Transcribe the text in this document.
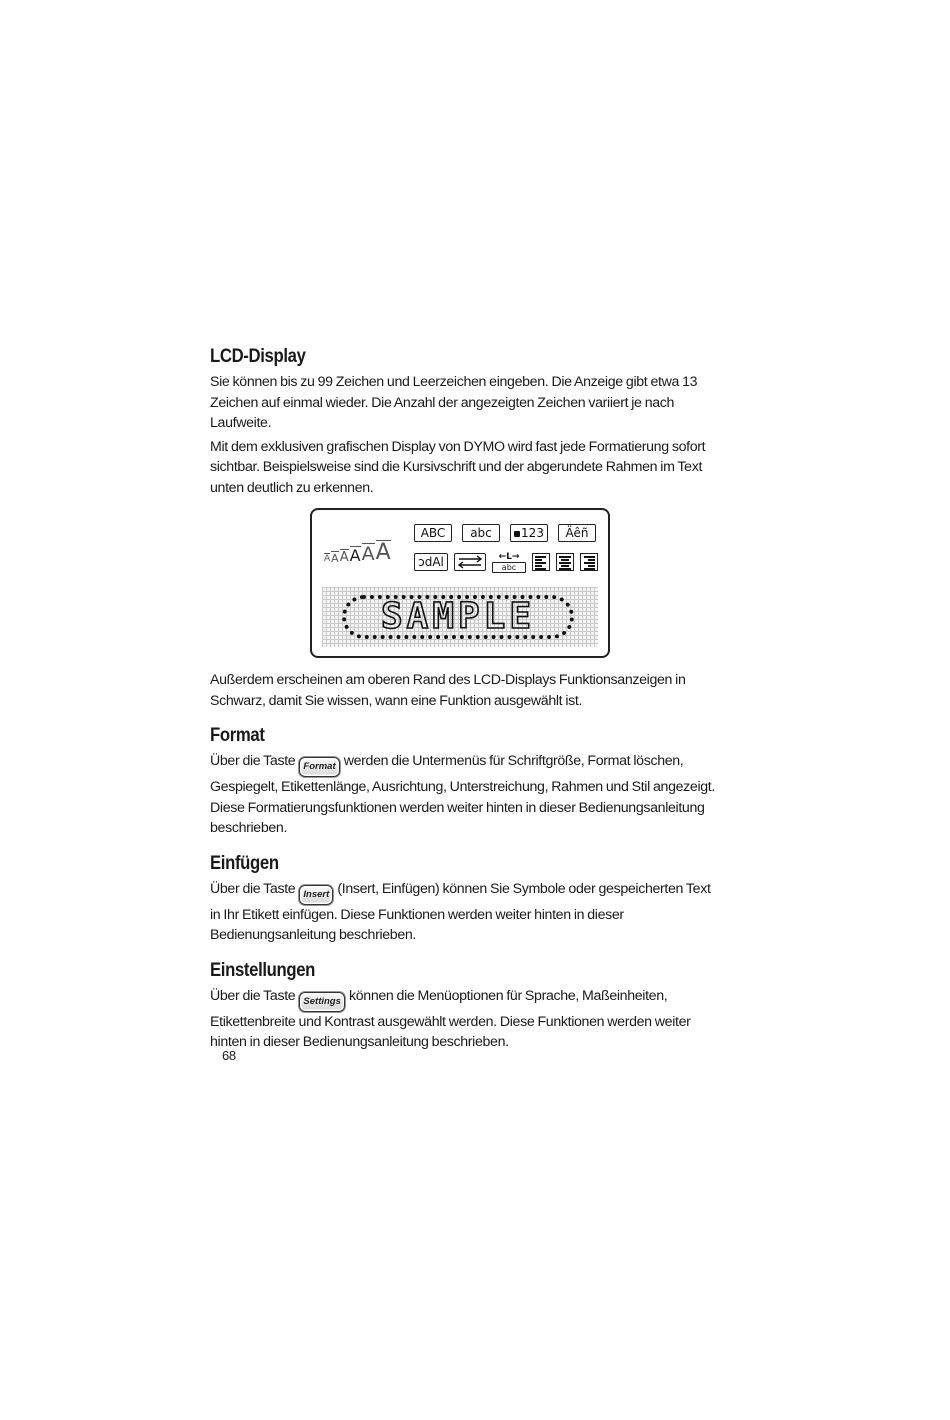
LCD-Display

Sie können bis zu 99 Zeichen und Leerzeichen eingeben. Die Anzeige gibt etwa 13 Zeichen auf einmal wieder. Die Anzahl der angezeigten Zeichen variiert je nach Laufweite.

Mit dem exklusiven grafischen Display von DYMO wird fast jede Formatierung sofort sichtbar. Beispielsweise sind die Kursivschrift und der abgerundete Rahmen im Text unten deutlich zu erkennen.

A A A A A A
ABC	abc	123	Äêñ
ɔdAl	←L→
abc
SAMPLE

Außerdem erscheinen am oberen Rand des LCD-Displays Funktionsanzeigen in Schwarz, damit Sie wissen, wann eine Funktion ausgewählt ist.

Format

Über die Taste Format werden die Untermenüs für Schriftgröße, Format löschen, Gespiegelt, Etikettenlänge, Ausrichtung, Unterstreichung, Rahmen und Stil angezeigt. Diese Formatierungsfunktionen werden weiter hinten in dieser Bedienungsanleitung beschrieben.

Einfügen

Über die Taste Insert (Insert, Einfügen) können Sie Symbole oder gespeicherten Text in Ihr Etikett einfügen. Diese Funktionen werden weiter hinten in dieser Bedienungsanleitung beschrieben.

Einstellungen

Über die Taste Settings können die Menüoptionen für Sprache, Maßeinheiten, Etikettenbreite und Kontrast ausgewählt werden. Diese Funktionen werden weiter hinten in dieser Bedienungsanleitung beschrieben.

68
